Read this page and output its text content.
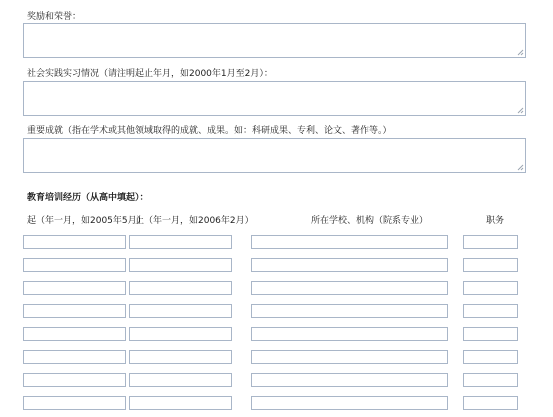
奖励和荣誉：
社会实践实习情况（请注明起止年月，如2000年1月至2月）：
重要成就（指在学术或其他领域取得的成就、成果。如：科研成果、专利、论文、著作等。）
教育培训经历（从高中填起）：
起（年一月，如2005年5月）
止（年一月，如2006年2月）	所在学校、机构（院系专业）	职务
